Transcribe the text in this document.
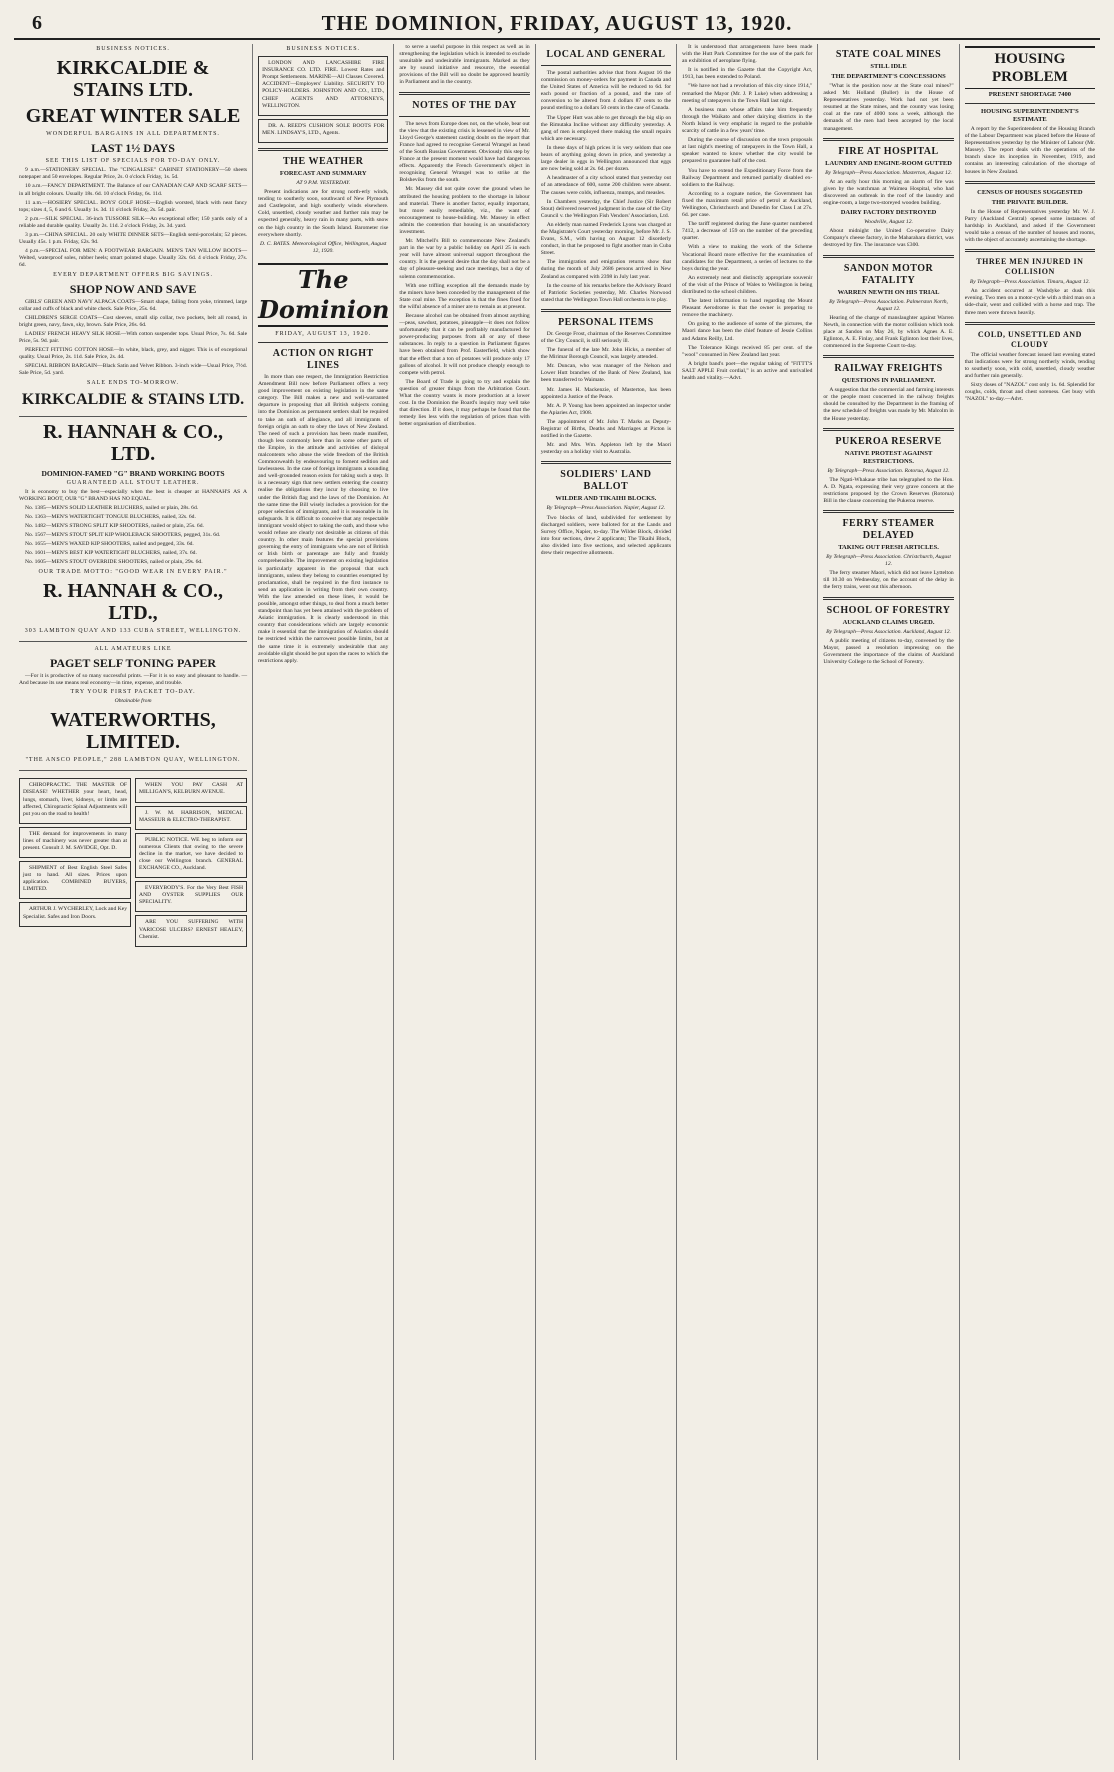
6	THE DOMINION, FRIDAY, AUGUST 13, 1920.
BUSINESS NOTICES.
KIRKCALDIE & STAINS LTD.
GREAT WINTER SALE
WONDERFUL BARGAINS IN ALL DEPARTMENTS.
LAST 1½ DAYS
SEE THIS LIST OF SPECIALS FOR TO-DAY ONLY.

9 a.m.—STATIONERY SPECIAL. The "CINGALESE" CABINET STATIONERY—50 sheets notepaper and 50 envelopes. Regular Price, 2s. 0 o'clock Friday, 1s. 5d.

10 a.m.—FANCY DEPARTMENT. The Balance of our CANADIAN CAP AND SCARF SETS—in all bright colours. Usually 18s. 6d. 10 o'clock Friday, 6s. 11d.

11 a.m.—HOSIERY SPECIAL. BOYS' GOLF HOSE—English worsted, black with neat fancy tops; sizes 4, 5, 6 and 6. Usually 1s. 3d. 11 o'clock Friday, 2s. 5d. pair.

2 p.m.—SILK SPECIAL. 36-inch TUSSORE SILK—An exceptional offer; 150 yards only of a reliable and durable quality. Usually 2s. 11d. 2 o'clock Friday, 2s. 3d. yard.

3 p.m.—CHINA SPECIAL. 20 only WHITE DINNER SETS—English semi-porcelain; 52 pieces. Usually 45s. 1 p.m. Friday, £2s. 9d.

4 p.m.—SPECIAL FOR MEN: A FOOTWEAR BARGAIN. MEN'S TAN WILLOW BOOTS—Welted, waterproof soles, rubber heels; smart pointed shape. Usually 32s. 6d. 4 o'clock Friday, 27s. 6d.

EVERY DEPARTMENT OFFERS BIG SAVINGS.
SHOP NOW AND SAVE

GIRLS' GREEN AND NAVY ALPACA COATS—Smart shape, falling from yoke, trimmed, large collar and cuffs of black and white check. Sale Price, 25s. 6d.

CHILDREN'S SERGE COATS—Cost sleeves, small slip collar, two pockets, belt all round, in bright green, navy, fawn, sky, brown. Sale Price, 26s. 6d.

LADIES' FRENCH HEAVY SILK HOSE—With cotton suspender tops. Usual Price, 7s. 6d. Sale Price, 5s. 9d. pair.

PERFECT FITTING COTTON HOSE—In white, black, grey, and nigger. This is of exceptional quality. Usual Price, 2s. 11d. Sale Price, 2s. 4d.

SPECIAL RIBBON BARGAIN—Black Satin and Velvet Ribbon. 3-inch wide—Usual Price, 7½d. Sale Price, 5d. yard.

SALE ENDS TO-MORROW.
KIRKCALDIE & STAINS LTD.
R. HANNAH & CO., LTD.
DOMINION-FAMED "G" BRAND WORKING BOOTS
GUARANTEED ALL STOUT LEATHER.

It is economy to buy the best—especially when the best is cheaper at HANNAH'S AS A WORKING BOOT, OUR "G" BRAND HAS NO EQUAL.

No. 1385—MEN'S SOLID LEATHER BLUCHERS, nailed or plain, 28s. 6d.

No. 1363—MEN'S WATERTIGHT TONGUE BLUCHERS, nailed, 32s. 6d.

No. 1482—MEN'S STRONG SPLIT KIP SHOOTERS, nailed or plain, 25s. 6d.

No. 1567—MEN'S STOUT SPLIT KIP WHOLEBACK SHOOTERS, pegged, 31s. 6d.

No. 1655—MEN'S WAXED KIP SHOOTERS, nailed and pegged, 33s. 6d.

No. 1601—MEN'S BEST KIP WATERTIGHT BLUCHERS, nailed, 37s. 6d.

No. 1605—MEN'S STOUT OVERRIDE SHOOTERS, nailed or plain, 29s. 6d.

OUR TRADE MOTTO: "GOOD WEAR IN EVERY PAIR."
R. HANNAH & CO., LTD.,
303 LAMBTON QUAY AND 133 CUBA STREET, WELLINGTON.
ALL AMATEURS LIKE
PAGET SELF TONING PAPER

—For it is productive of so many successful prints. —For it is so easy and pleasant to handle. —And because its use means real economy—in time, expense, and trouble.

TRY YOUR FIRST PACKET TO-DAY.
Obtainable from
WATERWORTHS, LIMITED.
"THE ANSCO PEOPLE," 288 LAMBTON QUAY, WELLINGTON.

CHIROPRACTIC. THE MASTER OF DISEASE! WHETHER your heart, head, lungs, stomach, liver, kidneys, or limbs are affected, Chiropractic Spinal Adjustments will put you on the road to health!

THE demand for improvements in many lines of machinery was never greater than at present. Consult J. M. SAVIDGE, Opt. D.

SHIPMENT of Best English Steel Safes just to hand. All sizes. Prices upon application. COMBINED BUYERS, LIMITED.

ARTHUR J. WYCHERLEY, Lock and Key Specialist. Safes and Iron Doors.

WHEN YOU PAY CASH AT MILLIGAN'S, KELBURN AVENUE.

J. W. M. HARRISON, MEDICAL MASSEUR & ELECTRO-THERAPIST.

PUBLIC NOTICE. WE beg to inform our numerous Clients that owing to the severe decline in the market, we have decided to close our Wellington branch. GENERAL EXCHANGE CO., Auckland.

EVERYBODY'S. For the Very Best FISH AND OYSTER SUPPLIES OUR SPECIALITY.

ARE YOU SUFFERING WITH VARICOSE ULCERS? ERNEST HEALEY, Chemist.

BUSINESS NOTICES.

LONDON AND LANCASHIRE FIRE INSURANCE CO. LTD. FIRE. Lowest Rates and Prompt Settlements. MARINE—All Classes Covered. ACCIDENT—Employers' Liability. SECURITY TO POLICY-HOLDERS. JOHNSTON AND CO., LTD., CHIEF AGENTS AND ATTORNEYS, WELLINGTON.

DR. A. REED'S CUSHION SOLE BOOTS FOR MEN. LINDSAY'S, LTD., Agents.

THE WEATHER
FORECAST AND SUMMARY
AT 9 P.M. YESTERDAY.

Present indications are for strong north-erly winds, tending to southerly soon, southward of New Plymouth and Castlepoint, and high southerly winds elsewhere. Cold, unsettled, cloudy weather and further rain may be expected generally, heavy rain in many parts, with snow on the high country in the South Island. Barometer rise everywhere shortly.

D. C. BATES. Meteorological Office, Wellington, August 12, 1920.
The Dominion
FRIDAY, AUGUST 13, 1920.
ACTION ON RIGHT LINES

In more than one respect, the Immigration Restriction Amendment Bill now before Parliament offers a very good improvement on existing legislation in the same category. The Bill makes a new and well-warranted departure in proposing that all British subjects coming into the Dominion as permanent settlers shall be required to take an oath of allegiance, and all immigrants of foreign origin an oath to obey the laws of New Zealand. The need of such a provision has been made manifest, though less commonly here than in some other parts of the Empire, in the attitude and activities of disloyal malcontents who abuse the wide freedom of the British Commonwealth by endeavouring to foment sedition and lawlessness. In the case of foreign immigrants a sounding and well-grounded reason exists for taking such a step. It is a necessary sign that new settlers entering the country realise the obligations they incur by choosing to live under the British flag and the laws of the Dominion. At the same time the Bill wisely includes a provision for the proper selection of immigrants, and it is reasonable in its safeguards. It is difficult to conceive that any respectable immigrant would object to taking the oath, and those who would refuse are clearly not desirable as citizens of this country. In other main features the special provisions governing the entry of immigrants who are not of British or Irish birth or parentage are fully and frankly comprehensible. The improvement on existing legislation is particularly apparent in the proposal that such immigrants, unless they belong to countries exempted by proclamation, shall be required in the first instance to send an application in writing from their own country. With the law amended on these lines, it would be possible, amongst other things, to deal from a much better standpoint than has yet been attained with the problem of Asiatic immigration. It is clearly understood in this country that considerations which are largely economic make it essential that the immigration of Asiatics should be restricted within the narrowest possible limits, but at the same time it is extremely undesirable that any avoidable slight should be put upon the races to which the restrictions apply.

to serve a useful purpose in this respect as well as in strengthening the legislation which is intended to exclude unsuitable and undesirable immigrants. Marked as they are by sound initiative and resource, the essential provisions of the Bill will no doubt be approved heartily in Parliament and in the country.

NOTES OF THE DAY

The news from Europe does not, on the whole, bear out the view that the existing crisis is lessened in view of Mr. Lloyd George's statement casting doubt on the report that France had agreed to recognise General Wrangel as head of the South Russian Government. Obviously this step by France at the present moment would have had dangerous effects. Apparently the French Government's object in recognising General Wrangel was to strike at the Bolsheviks from the south.

Mr. Massey did not quite cover the ground when he attributed the housing problem to the shortage in labour and material. There is another factor, equally important, but more easily remediable, viz., the want of encouragement to house-building. Mr. Massey in effect admits the contention that housing is an unsatisfactory investment.

Mr. Mitchell's Bill to commemorate New Zealand's part in the war by a public holiday on April 25 in each year will have almost universal support throughout the country. It is the general desire that the day shall not be a day of pleasure-seeking and race meetings, but a day of solemn commemoration.

With one trifling exception all the demands made by the miners have been conceded by the management of the State coal mine. The exception is that the fines fixed for the wilful absence of a miner are to remain as at present.

Because alcohol can be obtained from almost anything—peas, sawdust, potatoes, pineapple—it does not follow unfortunately that it can be profitably manufactured for power-producing purposes from all or any of these substances. In reply to a question in Parliament figures have been obtained from Prof. Easterfield, which show that the effect that a ton of potatoes will produce only 17 gallons of alcohol. It will not produce cheaply enough to compete with petrol.

The Board of Trade is going to try and explain the question of greater things from the Arbitration Court. What the country wants is more production at a lower cost. In the Dominion the Board's inquiry may well take that direction. If it does, it may perhaps be found that the remedy lies less with the regulation of prices than with better organisation of distribution.

LOCAL AND GENERAL

The postal authorities advise that from August 16 the commission on money-orders for payment in Canada and the United States of America will be reduced to 6d. for each pound or fraction of a pound, and the rate of conversion to be altered from 4 dollars 87 cents to the pound sterling to a dollars 50 cents in the case of Canada.

The Upper Hutt was able to get through the big slip on the Rimutaka Incline without any difficulty yesterday. A gang of men is employed there making the small repairs which are necessary.

In these days of high prices it is very seldom that one hears of anything going down in price, and yesterday a large dealer in eggs in Wellington announced that eggs are now being sold at 2s. 6d. per dozen.

A headmaster of a city school stated that yesterday out of an attendance of 600, some 200 children were absent. The causes were colds, influenza, mumps, and measles.

In Chambers yesterday, the Chief Justice (Sir Robert Stout) delivered reserved judgment in the case of the City Council v. the Wellington Fish Vendors' Association, Ltd.

An elderly man named Frederick Lyons was charged at the Magistrate's Court yesterday morning, before Mr. J. S. Evans, S.M., with having on August 12 disorderly conduct, in that he proposed to fight another man in Cuba Street.

The immigration and emigration returns show that during the month of July 2686 persons arrived in New Zealand as compared with 2398 in July last year.

In the course of his remarks before the Advisory Board of Patriotic Societies yesterday, Mr. Charles Norwood stated that the Wellington Town Hall orchestra is to play.

PERSONAL ITEMS

Dr. George Frost, chairman of the Reserves Committee of the City Council, is still seriously ill.

The funeral of the late Mr. John Hicks, a member of the Mirimar Borough Council, was largely attended.

Mr. Duncan, who was manager of the Nelson and Lower Hutt branches of the Bank of New Zealand, has been transferred to Waimate.

Mr. James H. Mackenzie, of Masterton, has been appointed a Justice of the Peace.

Mr. A. P. Young has been appointed an inspector under the Apiaries Act, 1908.

The appointment of Mr. John T. Marks as Deputy-Registrar of Births, Deaths and Marriages at Picton is notified in the Gazette.

Mr. and Mrs. Wm. Appleton left by the Maori yesterday on a holiday visit to Australia.

SOLDIERS' LAND BALLOT
WILDER AND TIKAIHI BLOCKS.
By Telegraph—Press Association. Napier, August 12.

Two blocks of land, subdivided for settlement by discharged soldiers, were balloted for at the Lands and Survey Office, Napier, to-day. The Wilder Block, divided into four sections, drew 2 applicants; The Tikaihi Block, also divided into five sections, and selected applicants drew their respective allotments.

It is understood that arrangements have been made with the Hutt Park Committee for the use of the park for an exhibition of aeroplane flying.

It is notified in the Gazette that the Copyright Act, 1913, has been extended to Poland.

"We have not had a revolution of this city since 1914," remarked the Mayor (Mr. J. P. Luke) when addressing a meeting of ratepayers in the Town Hall last night.

A business man whose affairs take him frequently through the Waikato and other dairying districts in the North Island is very emphatic in regard to the probable scarcity of cattle in a few years' time.

During the course of discussion on the town proposals at last night's meeting of ratepayers in the Town Hall, a speaker wanted to know whether the city would be prepared to guarantee half of the cost.

You have to extend the Expeditionary Force from the Railway Department and returned partially disabled ex-soldiers to the Railway.

According to a cognate notice, the Government has fixed the maximum retail price of petrol at Auckland, Wellington, Christchurch and Dunedin for Class I at 27s. 6d. per case.

The tariff registered during the June quarter numbered 7412, a decrease of 159 on the number of the preceding quarter.

With a view to making the work of the Scheme Vocational Board more effective for the examination of candidates for the Department, a series of lectures to the boys during the year.

An extremely neat and distinctly appropriate souvenir of the visit of the Prince of Wales to Wellington is being distributed to the school children.

The latest information to hand regarding the Mount Pleasant Aerodrome is that the owner is preparing to remove the machinery.

On going to the audience of some of the pictures, the Maori dance has been the chief feature of Jessie Collins and Adams Reilly, Ltd.

The Tolerance Kings received 85 per cent. of the "wool" consumed in New Zealand last year.

A bright band's poet—the regular taking of "FITTT'S SALT APPLE Fruit cordial," is an active and unrivalled health and vitality.—Advt.

STATE COAL MINES
STILL IDLE
THE DEPARTMENT'S CONCESSIONS

"What is the position now at the State coal mines?" asked Mr. Holland (Buller) in the House of Representatives yesterday. Work had not yet been resumed at the State mines, and the country was losing coal at the rate of 4000 tons a week, although the demands of the men had been accepted by the local management.

FIRE AT HOSPITAL
LAUNDRY AND ENGINE-ROOM GUTTED
By Telegraph—Press Association. Masterton, August 12.

At an early hour this morning an alarm of fire was given by the watchman at Waimea Hospital, who had discovered an outbreak in the roof of the laundry and engine-room, a large two-storeyed wooden building.

DAIRY FACTORY DESTROYED
Woodville, August 12.

About midnight the United Co-operative Dairy Company's cheese factory, in the Maharahara district, was destroyed by fire. The insurance was £300.

SANDON MOTOR FATALITY
WARREN NEWTH ON HIS TRIAL
By Telegraph—Press Association. Palmerston North, August 12.

Hearing of the charge of manslaughter against Warren Newth, in connection with the motor collision which took place at Sandon on May 26, by which Agnes A. E. Eglinton, A. E. Finlay, and Frank Eglinton lost their lives, commenced in the Supreme Court to-day.

RAILWAY FREIGHTS
QUESTIONS IN PARLIAMENT.

A suggestion that the commercial and farming interests or the people most concerned in the railway freights should be consulted by the Department in the framing of the new schedule of freights was made by Mr. Malcolm in the House yesterday.

PUKEROA RESERVE
NATIVE PROTEST AGAINST RESTRICTIONS.
By Telegraph—Press Association. Rotorua, August 12.

The Ngati-Whakaue tribe has telegraphed to the Hon. A. D. Ngata, expressing their very grave concern at the restrictions proposed by the Crown Reserves (Rotorua) Bill in the clause concerning the Pukeroa reserve.

FERRY STEAMER DELAYED
TAKING OUT FRESH ARTICLES.
By Telegraph—Press Association. Christchurch, August 12.

The ferry steamer Maori, which did not leave Lyttelton till 10.30 on Wednesday, on the account of the delay in the ferry trains, went out this afternoon.

SCHOOL OF FORESTRY
AUCKLAND CLAIMS URGED.
By Telegraph—Press Association. Auckland, August 12.

A public meeting of citizens to-day, convened by the Mayor, passed a resolution impressing on the Government the importance of the claims of Auckland University College to the School of Forestry.

HOUSING PROBLEM
PRESENT SHORTAGE 7400
HOUSING SUPERINTENDENT'S ESTIMATE

A report by the Superintendent of the Housing Branch of the Labour Department was placed before the House of Representatives yesterday by the Minister of Labour (Mr. Massey). The report deals with the operations of the branch since its inception in November, 1919, and contains an interesting calculation of the shortage of houses in New Zealand.

CENSUS OF HOUSES SUGGESTED
THE PRIVATE BUILDER.

In the House of Representatives yesterday Mr. W. J. Parry (Auckland Central) opened some instances of hardship in Auckland, and asked if the Government would take a census of the number of houses and rooms, with the object of accurately ascertaining the shortage.

THREE MEN INJURED IN COLLISION
By Telegraph—Press Association. Timaru, August 12.

An accident occurred at Washdyke at dusk this evening. Two men on a motor-cycle with a third man on a side-chair, went and collided with a horse and trap. The three men were thrown heavily.

COLD, UNSETTLED AND CLOUDY

The official weather forecast issued last evening stated that indications were for strong northerly winds, tending to southerly soon, with cold, unsettled, cloudy weather and further rain generally.

Sixty doses of "NAZOL" cost only 1s. 6d. Splendid for coughs, colds, throat and chest soreness. Get busy with "NAZOL" to-day.—Advt.
